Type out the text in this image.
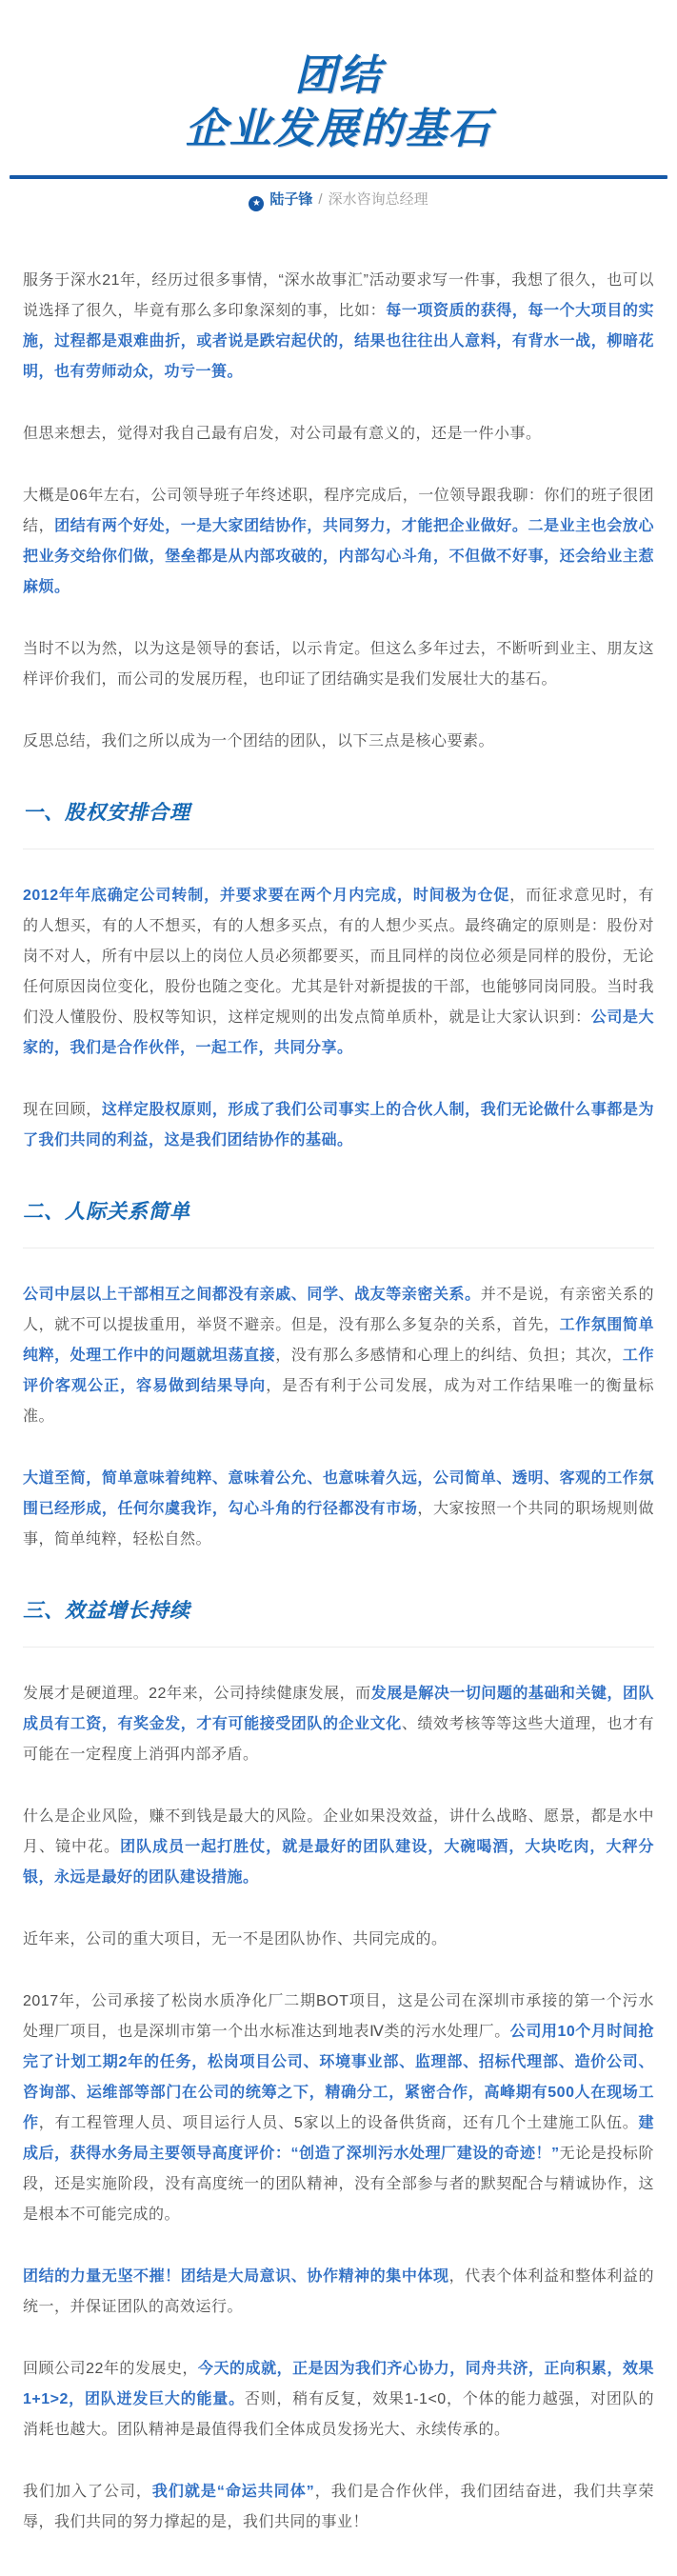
团结
企业发展的基石
★ 陆子锋 / 深水咨询总经理

服务于深水21年，经历过很多事情，“深水故事汇”活动要求写一件事，我想了很久，也可以说选择了很久，毕竟有那么多印象深刻的事，比如：每一项资质的获得，每一个大项目的实施，过程都是艰难曲折，或者说是跌宕起伏的，结果也往往出人意料，有背水一战，柳暗花明，也有劳师动众，功亏一篑。

但思来想去，觉得对我自己最有启发，对公司最有意义的，还是一件小事。

大概是06年左右，公司领导班子年终述职，程序完成后，一位领导跟我聊：你们的班子很团结，团结有两个好处，一是大家团结协作，共同努力，才能把企业做好。二是业主也会放心把业务交给你们做，堡垒都是从内部攻破的，内部勾心斗角，不但做不好事，还会给业主惹麻烦。

当时不以为然，以为这是领导的套话，以示肯定。但这么多年过去，不断听到业主、朋友这样评价我们，而公司的发展历程，也印证了团结确实是我们发展壮大的基石。

反思总结，我们之所以成为一个团结的团队，以下三点是核心要素。

一、股权安排合理

2012年年底确定公司转制，并要求要在两个月内完成，时间极为仓促，而征求意见时，有的人想买，有的人不想买，有的人想多买点，有的人想少买点。最终确定的原则是：股份对岗不对人，所有中层以上的岗位人员必须都要买，而且同样的岗位必须是同样的股份，无论任何原因岗位变化，股份也随之变化。尤其是针对新提拔的干部，也能够同岗同股。当时我们没人懂股份、股权等知识，这样定规则的出发点简单质朴，就是让大家认识到：公司是大家的，我们是合作伙伴，一起工作，共同分享。

现在回顾，这样定股权原则，形成了我们公司事实上的合伙人制，我们无论做什么事都是为了我们共同的利益，这是我们团结协作的基础。

二、人际关系简单

公司中层以上干部相互之间都没有亲戚、同学、战友等亲密关系。并不是说，有亲密关系的人，就不可以提拔重用，举贤不避亲。但是，没有那么多复杂的关系，首先，工作氛围简单纯粹，处理工作中的问题就坦荡直接，没有那么多感情和心理上的纠结、负担；其次，工作评价客观公正，容易做到结果导向，是否有利于公司发展，成为对工作结果唯一的衡量标准。

大道至简，简单意味着纯粹、意味着公允、也意味着久远，公司简单、透明、客观的工作氛围已经形成，任何尔虞我诈，勾心斗角的行径都没有市场，大家按照一个共同的职场规则做事，简单纯粹，轻松自然。

三、效益增长持续

发展才是硬道理。22年来，公司持续健康发展，而发展是解决一切问题的基础和关键，团队成员有工资，有奖金发，才有可能接受团队的企业文化、绩效考核等等这些大道理，也才有可能在一定程度上消弭内部矛盾。

什么是企业风险，赚不到钱是最大的风险。企业如果没效益，讲什么战略、愿景，都是水中月、镜中花。团队成员一起打胜仗，就是最好的团队建设，大碗喝酒，大块吃肉，大秤分银，永远是最好的团队建设措施。

近年来，公司的重大项目，无一不是团队协作、共同完成的。

2017年，公司承接了松岗水质净化厂二期BOT项目，这是公司在深圳市承接的第一个污水处理厂项目，也是深圳市第一个出水标准达到地表Ⅳ类的污水处理厂。公司用10个月时间抢完了计划工期2年的任务，松岗项目公司、环境事业部、监理部、招标代理部、造价公司、咨询部、运维部等部门在公司的统筹之下，精确分工，紧密合作，高峰期有500人在现场工作，有工程管理人员、项目运行人员、5家以上的设备供货商，还有几个土建施工队伍。建成后，获得水务局主要领导高度评价：“创造了深圳污水处理厂建设的奇迹！”无论是投标阶段，还是实施阶段，没有高度统一的团队精神，没有全部参与者的默契配合与精诚协作，这是根本不可能完成的。

团结的力量无坚不摧！团结是大局意识、协作精神的集中体现，代表个体利益和整体利益的统一，并保证团队的高效运行。

回顾公司22年的发展史，今天的成就，正是因为我们齐心协力，同舟共济，正向积累，效果1+1>2，团队迸发巨大的能量。否则，稍有反复，效果1-1<0，个体的能力越强，对团队的消耗也越大。团队精神是最值得我们全体成员发扬光大、永续传承的。

我们加入了公司，我们就是“命运共同体”，我们是合作伙伴，我们团结奋进，我们共享荣辱，我们共同的努力撑起的是，我们共同的事业！
